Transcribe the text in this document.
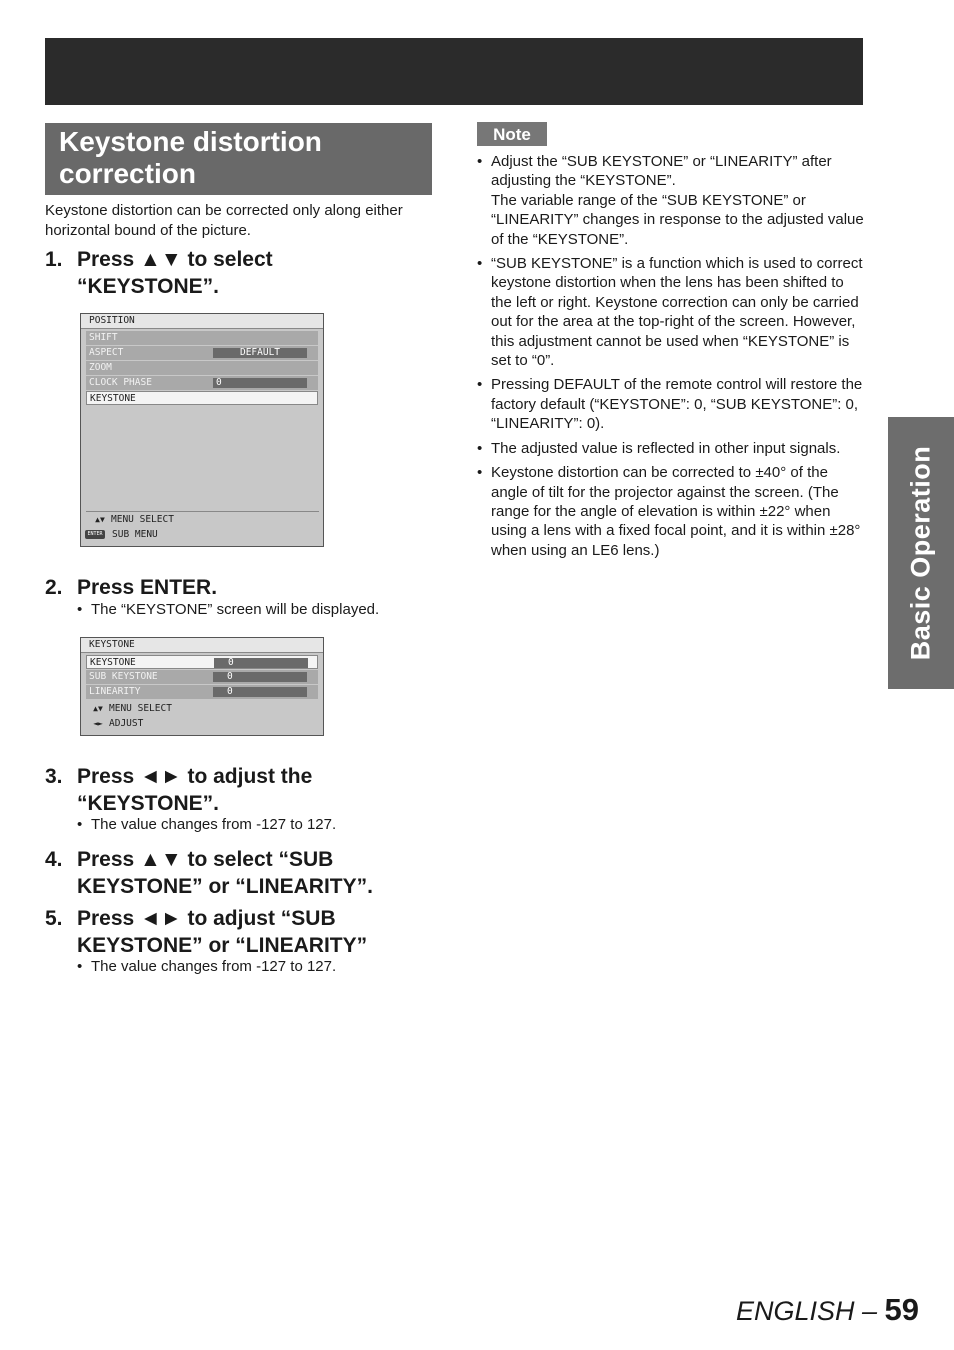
Keystone distortion
correction
Keystone distortion can be corrected only along either
horizontal bound of the picture.
1. Press ▲▼ to select
“KEYSTONE”.
POSITION
SHIFT
ASPECT	DEFAULT
ZOOM
CLOCK PHASE	0
KEYSTONE
▲▼ MENU SELECT
ENTER SUB MENU
2. Press ENTER.
• The “KEYSTONE” screen will be displayed.
KEYSTONE
KEYSTONE	0
SUB KEYSTONE	0
LINEARITY	0
▲▼ MENU SELECT
◄► ADJUST
3. Press ◄► to adjust the
“KEYSTONE”.
• The value changes from -127 to 127.
4. Press ▲▼ to select “SUB
KEYSTONE” or “LINEARITY”.
5. Press ◄► to adjust “SUB
KEYSTONE” or “LINEARITY”
• The value changes from -127 to 127.
Note
• Adjust the “SUB KEYSTONE” or “LINEARITY” after adjusting the “KEYSTONE”.
The variable range of the “SUB KEYSTONE” or “LINEARITY” changes in response to the adjusted value of the “KEYSTONE”.
• “SUB KEYSTONE” is a function which is used to correct keystone distortion when the lens has been shifted to the left or right. Keystone correction can only be carried out for the area at the top-right of the screen. However, this adjustment cannot be used when “KEYSTONE” is set to “0”.
• Pressing DEFAULT of the remote control will restore the factory default (“KEYSTONE”: 0, “SUB KEYSTONE”: 0, “LINEARITY”: 0).
• The adjusted value is reflected in other input signals.
• Keystone distortion can be corrected to ±40° of the angle of tilt for the projector against the screen. (The range for the angle of elevation is within ±22° when using a lens with a fixed focal point, and it is within ±28° when using an LE6 lens.)	Basic Operation
ENGLISH – 59
